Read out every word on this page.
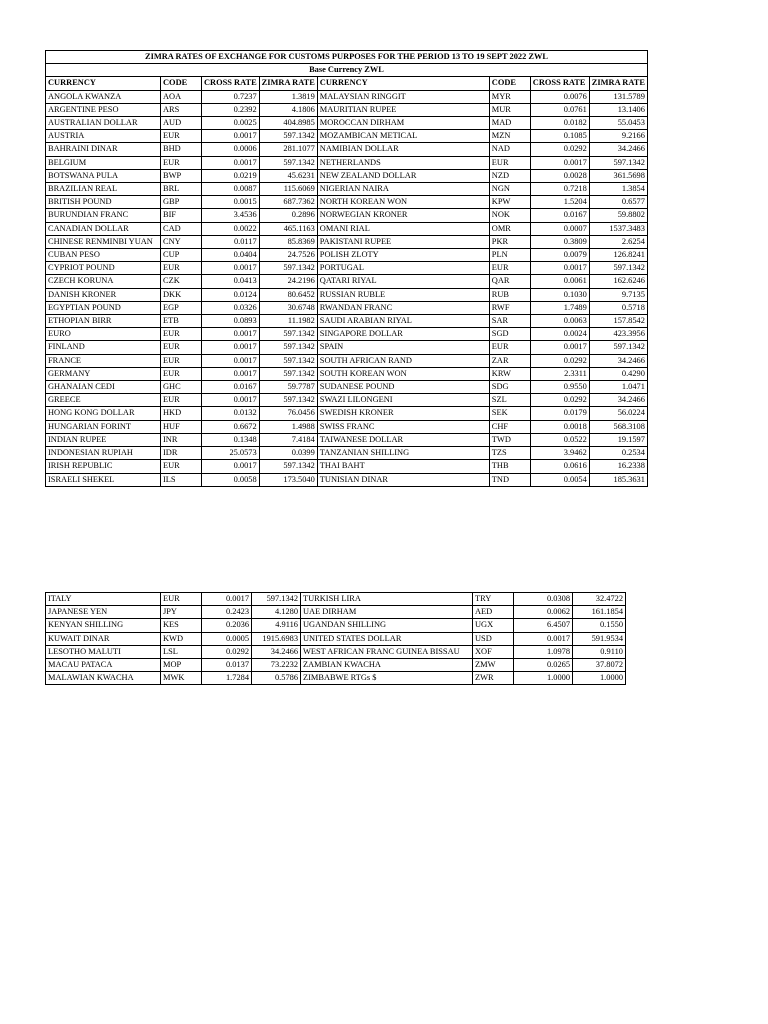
ZIMRA RATES OF EXCHANGE FOR CUSTOMS PURPOSES FOR THE PERIOD 13 TO 19 SEPT 2022 ZWL							
Base Currency ZWL							
CURRENCY	CODE	CROSS RATE	ZIMRA RATE	CURRENCY	CODE	CROSS RATE	ZIMRA RATE
ANGOLA KWANZA	AOA	0.7237	1.3819	MALAYSIAN RINGGIT	MYR	0.0076	131.5789
ARGENTINE PESO	ARS	0.2392	4.1806	MAURITIAN RUPEE	MUR	0.0761	13.1406
AUSTRALIAN DOLLAR	AUD	0.0025	404.8985	MOROCCAN DIRHAM	MAD	0.0182	55.0453
AUSTRIA	EUR	0.0017	597.1342	MOZAMBICAN METICAL	MZN	0.1085	9.2166
BAHRAINI DINAR	BHD	0.0006	281.1077	NAMIBIAN DOLLAR	NAD	0.0292	34.2466
BELGIUM	EUR	0.0017	597.1342	NETHERLANDS	EUR	0.0017	597.1342
BOTSWANA PULA	BWP	0.0219	45.6231	NEW ZEALAND DOLLAR	NZD	0.0028	361.5698
BRAZILIAN REAL	BRL	0.0087	115.6069	NIGERIAN NAIRA	NGN	0.7218	1.3854
BRITISH POUND	GBP	0.0015	687.7362	NORTH KOREAN WON	KPW	1.5204	0.6577
BURUNDIAN FRANC	BIF	3.4536	0.2896	NORWEGIAN KRONER	NOK	0.0167	59.8802
CANADIAN DOLLAR	CAD	0.0022	465.1163	OMANI RIAL	OMR	0.0007	1537.3483
CHINESE RENMINBI YUAN	CNY	0.0117	85.8369	PAKISTANI RUPEE	PKR	0.3809	2.6254
CUBAN PESO	CUP	0.0404	24.7526	POLISH ZLOTY	PLN	0.0079	126.8241
CYPRIOT POUND	EUR	0.0017	597.1342	PORTUGAL	EUR	0.0017	597.1342
CZECH KORUNA	CZK	0.0413	24.2196	QATARI RIYAL	QAR	0.0061	162.6246
DANISH KRONER	DKK	0.0124	80.6452	RUSSIAN RUBLE	RUB	0.1030	9.7135
EGYPTIAN POUND	EGP	0.0326	30.6748	RWANDAN FRANC	RWF	1.7489	0.5718
ETHOPIAN BIRR	ETB	0.0893	11.1982	SAUDI ARABIAN RIYAL	SAR	0.0063	157.8542
EURO	EUR	0.0017	597.1342	SINGAPORE DOLLAR	SGD	0.0024	423.3956
FINLAND	EUR	0.0017	597.1342	SPAIN	EUR	0.0017	597.1342
FRANCE	EUR	0.0017	597.1342	SOUTH AFRICAN RAND	ZAR	0.0292	34.2466
GERMANY	EUR	0.0017	597.1342	SOUTH KOREAN WON	KRW	2.3311	0.4290
GHANAIAN CEDI	GHC	0.0167	59.7787	SUDANESE POUND	SDG	0.9550	1.0471
GREECE	EUR	0.0017	597.1342	SWAZI LILONGENI	SZL	0.0292	34.2466
HONG KONG DOLLAR	HKD	0.0132	76.0456	SWEDISH KRONER	SEK	0.0179	56.0224
HUNGARIAN FORINT	HUF	0.6672	1.4988	SWISS FRANC	CHF	0.0018	568.3108
INDIAN RUPEE	INR	0.1348	7.4184	TAIWANESE DOLLAR	TWD	0.0522	19.1597
INDONESIAN RUPIAH	IDR	25.0573	0.0399	TANZANIAN SHILLING	TZS	3.9462	0.2534
IRISH REPUBLIC	EUR	0.0017	597.1342	THAI BAHT	THB	0.0616	16.2338
ISRAELI SHEKEL	ILS	0.0058	173.5040	TUNISIAN DINAR	TND	0.0054	185.3631
ITALY	EUR	0.0017	597.1342	TURKISH LIRA	TRY	0.0308	32.4722
JAPANESE YEN	JPY	0.2423	4.1280	UAE DIRHAM	AED	0.0062	161.1854
KENYAN SHILLING	KES	0.2036	4.9116	UGANDAN SHILLING	UGX	6.4507	0.1550
KUWAIT DINAR	KWD	0.0005	1915.6983	UNITED STATES DOLLAR	USD	0.0017	591.9534
LESOTHO MALUTI	LSL	0.0292	34.2466	WEST AFRICAN FRANC GUINEA BISSAU	XOF	1.0978	0.9110
MACAU PATACA	MOP	0.0137	73.2232	ZAMBIAN KWACHA	ZMW	0.0265	37.8072
MALAWIAN KWACHA	MWK	1.7284	0.5786	ZIMBABWE RTGs $	ZWR	1.0000	1.0000
